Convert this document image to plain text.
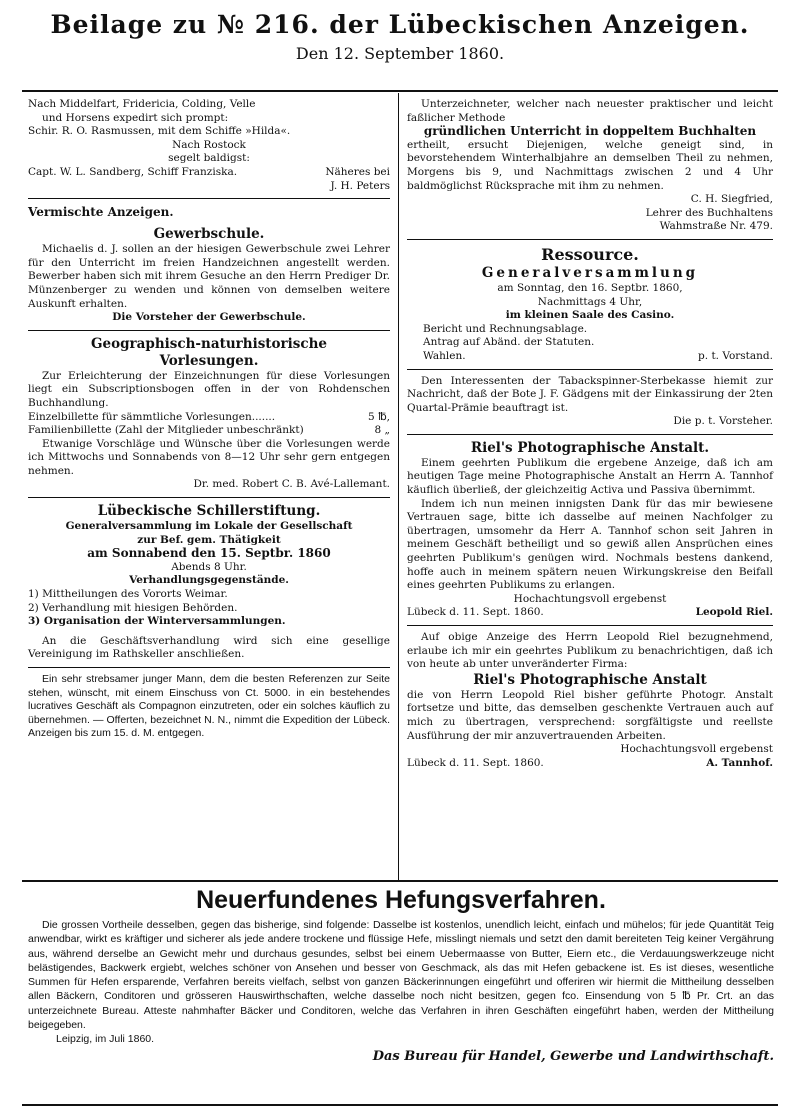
Beilage zu № 216. der Lübeckischen Anzeigen.
Den 12. September 1860.
Nach Middelfart, Fridericia, Colding, Velle
und Horsens expedirt sich prompt:
Schir. R. O. Rasmussen, mit dem Schiffe »Hilda«.
Nach Rostock
segelt baldigst:
Capt. W. L. Sandberg, Schiff Franziska.	Näheres bei
J. H. Peters
Vermischte Anzeigen.
Gewerbschule.
Michaelis d. J. sollen an der hiesigen Gewerbschule zwei Lehrer für den Unterricht im freien Handzeichnen angestellt werden. Bewerber haben sich mit ihrem Gesuche an den Herrn Prediger Dr. Münzenberger zu wenden und können von demselben weitere Auskunft erhalten.
Die Vorsteher der Gewerbschule.
Geographisch-naturhistorische
Vorlesungen.
Zur Erleichterung der Einzeichnungen für diese Vorlesungen liegt ein Subscriptionsbogen offen in der von Rohdenschen Buchhandlung.
Einzelbillette für sämmtliche Vorlesungen.......	5 ℔,
Familienbillette (Zahl der Mitglieder unbeschränkt)	8 „
Etwanige Vorschläge und Wünsche über die Vorlesungen werde ich Mittwochs und Sonnabends von 8—12 Uhr sehr gern entgegen nehmen.
Dr. med. Robert C. B. Avé-Lallemant.
Lübeckische Schillerstiftung.
Generalversammlung im Lokale der Gesellschaft
zur Bef. gem. Thätigkeit
am Sonnabend den 15. Septbr. 1860
Abends 8 Uhr.
Verhandlungsgegenstände.
1) Mittheilungen des Vororts Weimar.
2) Verhandlung mit hiesigen Behörden.
3) Organisation der Winterversammlungen.
An die Geschäftsverhandlung wird sich eine gesellige Vereinigung im Rathskeller anschließen.
Ein sehr strebsamer junger Mann, dem die besten Referenzen zur Seite stehen, wünscht, mit einem Einschuss von Ct. 5000. in ein bestehendes lucratives Geschäft als Compagnon einzutreten, oder ein solches käuflich zu übernehmen. — Offerten, bezeichnet N. N., nimmt die Expedition der Lübeck. Anzeigen bis zum 15. d. M. entgegen.
Unterzeichneter, welcher nach neuester praktischer und leicht faßlicher Methode
gründlichen Unterricht in doppeltem Buchhalten
ertheilt, ersucht Diejenigen, welche geneigt sind, in bevorstehendem Winterhalbjahre an demselben Theil zu nehmen, Morgens bis 9, und Nachmittags zwischen 2 und 4 Uhr baldmöglichst Rücksprache mit ihm zu nehmen.
C. H. Siegfried,
Lehrer des Buchhaltens
Wahmstraße Nr. 479.
Ressource.
Generalversammlung
am Sonntag, den 16. Septbr. 1860,
Nachmittags 4 Uhr,
im kleinen Saale des Casino.
Bericht und Rechnungsablage.
Antrag auf Abänd. der Statuten.
Wahlen.	p. t. Vorstand.
Den Interessenten der Tabackspinner-Sterbekasse hiemit zur Nachricht, daß der Bote J. F. Gädgens mit der Einkassirung der 2ten Quartal-Prämie beauftragt ist.
Die p. t. Vorsteher.
Riel's Photographische Anstalt.
Einem geehrten Publikum die ergebene Anzeige, daß ich am heutigen Tage meine Photographische Anstalt an Herrn A. Tannhof käuflich überließ, der gleichzeitig Activa und Passiva übernimmt.
Indem ich nun meinen innigsten Dank für das mir bewiesene Vertrauen sage, bitte ich dasselbe auf meinen Nachfolger zu übertragen, umsomehr da Herr A. Tannhof schon seit Jahren in meinem Geschäft betheiligt und so gewiß allen Ansprüchen eines geehrten Publikum's genügen wird. Nochmals bestens dankend, hoffe auch in meinem spätern neuen Wirkungskreise den Beifall eines geehrten Publikums zu erlangen.
Hochachtungsvoll ergebenst
Lübeck d. 11. Sept. 1860.	Leopold Riel.
Auf obige Anzeige des Herrn Leopold Riel bezugnehmend, erlaube ich mir ein geehrtes Publikum zu benachrichtigen, daß ich von heute ab unter unveränderter Firma:
Riel's Photographische Anstalt
die von Herrn Leopold Riel bisher geführte Photogr. Anstalt fortsetze und bitte, das demselben geschenkte Vertrauen auch auf mich zu übertragen, versprechend: sorgfältigste und reellste Ausführung der mir anzuvertrauenden Arbeiten.
Hochachtungsvoll ergebenst
Lübeck d. 11. Sept. 1860.	A. Tannhof.
Neuerfundenes Hefungsverfahren.
Die grossen Vortheile desselben, gegen das bisherige, sind folgende: Dasselbe ist kostenlos, unendlich leicht, einfach und mühelos; für jede Quantität Teig anwendbar, wirkt es kräftiger und sicherer als jede andere trockene und flüssige Hefe, misslingt niemals und setzt den damit bereiteten Teig keiner Vergährung aus, während derselbe an Gewicht mehr und durchaus gesundes, selbst bei einem Uebermaasse von Butter, Eiern etc., die Verdauungswerkzeuge nicht belästigendes, Backwerk ergiebt, welches schöner von Ansehen und besser von Geschmack, als das mit Hefen gebackene ist. Es ist dieses, wesentliche Summen für Hefen ersparende, Verfahren bereits vielfach, selbst von ganzen Bäckerinnungen eingeführt und offeriren wir hiermit die Mittheilung desselben allen Bäckern, Conditoren und grösseren Hauswirthschaften, welche dasselbe noch nicht besitzen, gegen fco. Einsendung von 5 ℔ Pr. Crt. an das unterzeichnete Bureau. Atteste nahmhafter Bäcker und Conditoren, welche das Verfahren in ihren Geschäften eingeführt haben, werden der Mittheilung beigegeben.
Leipzig, im Juli 1860.
Das Bureau für Handel, Gewerbe und Landwirthschaft.
